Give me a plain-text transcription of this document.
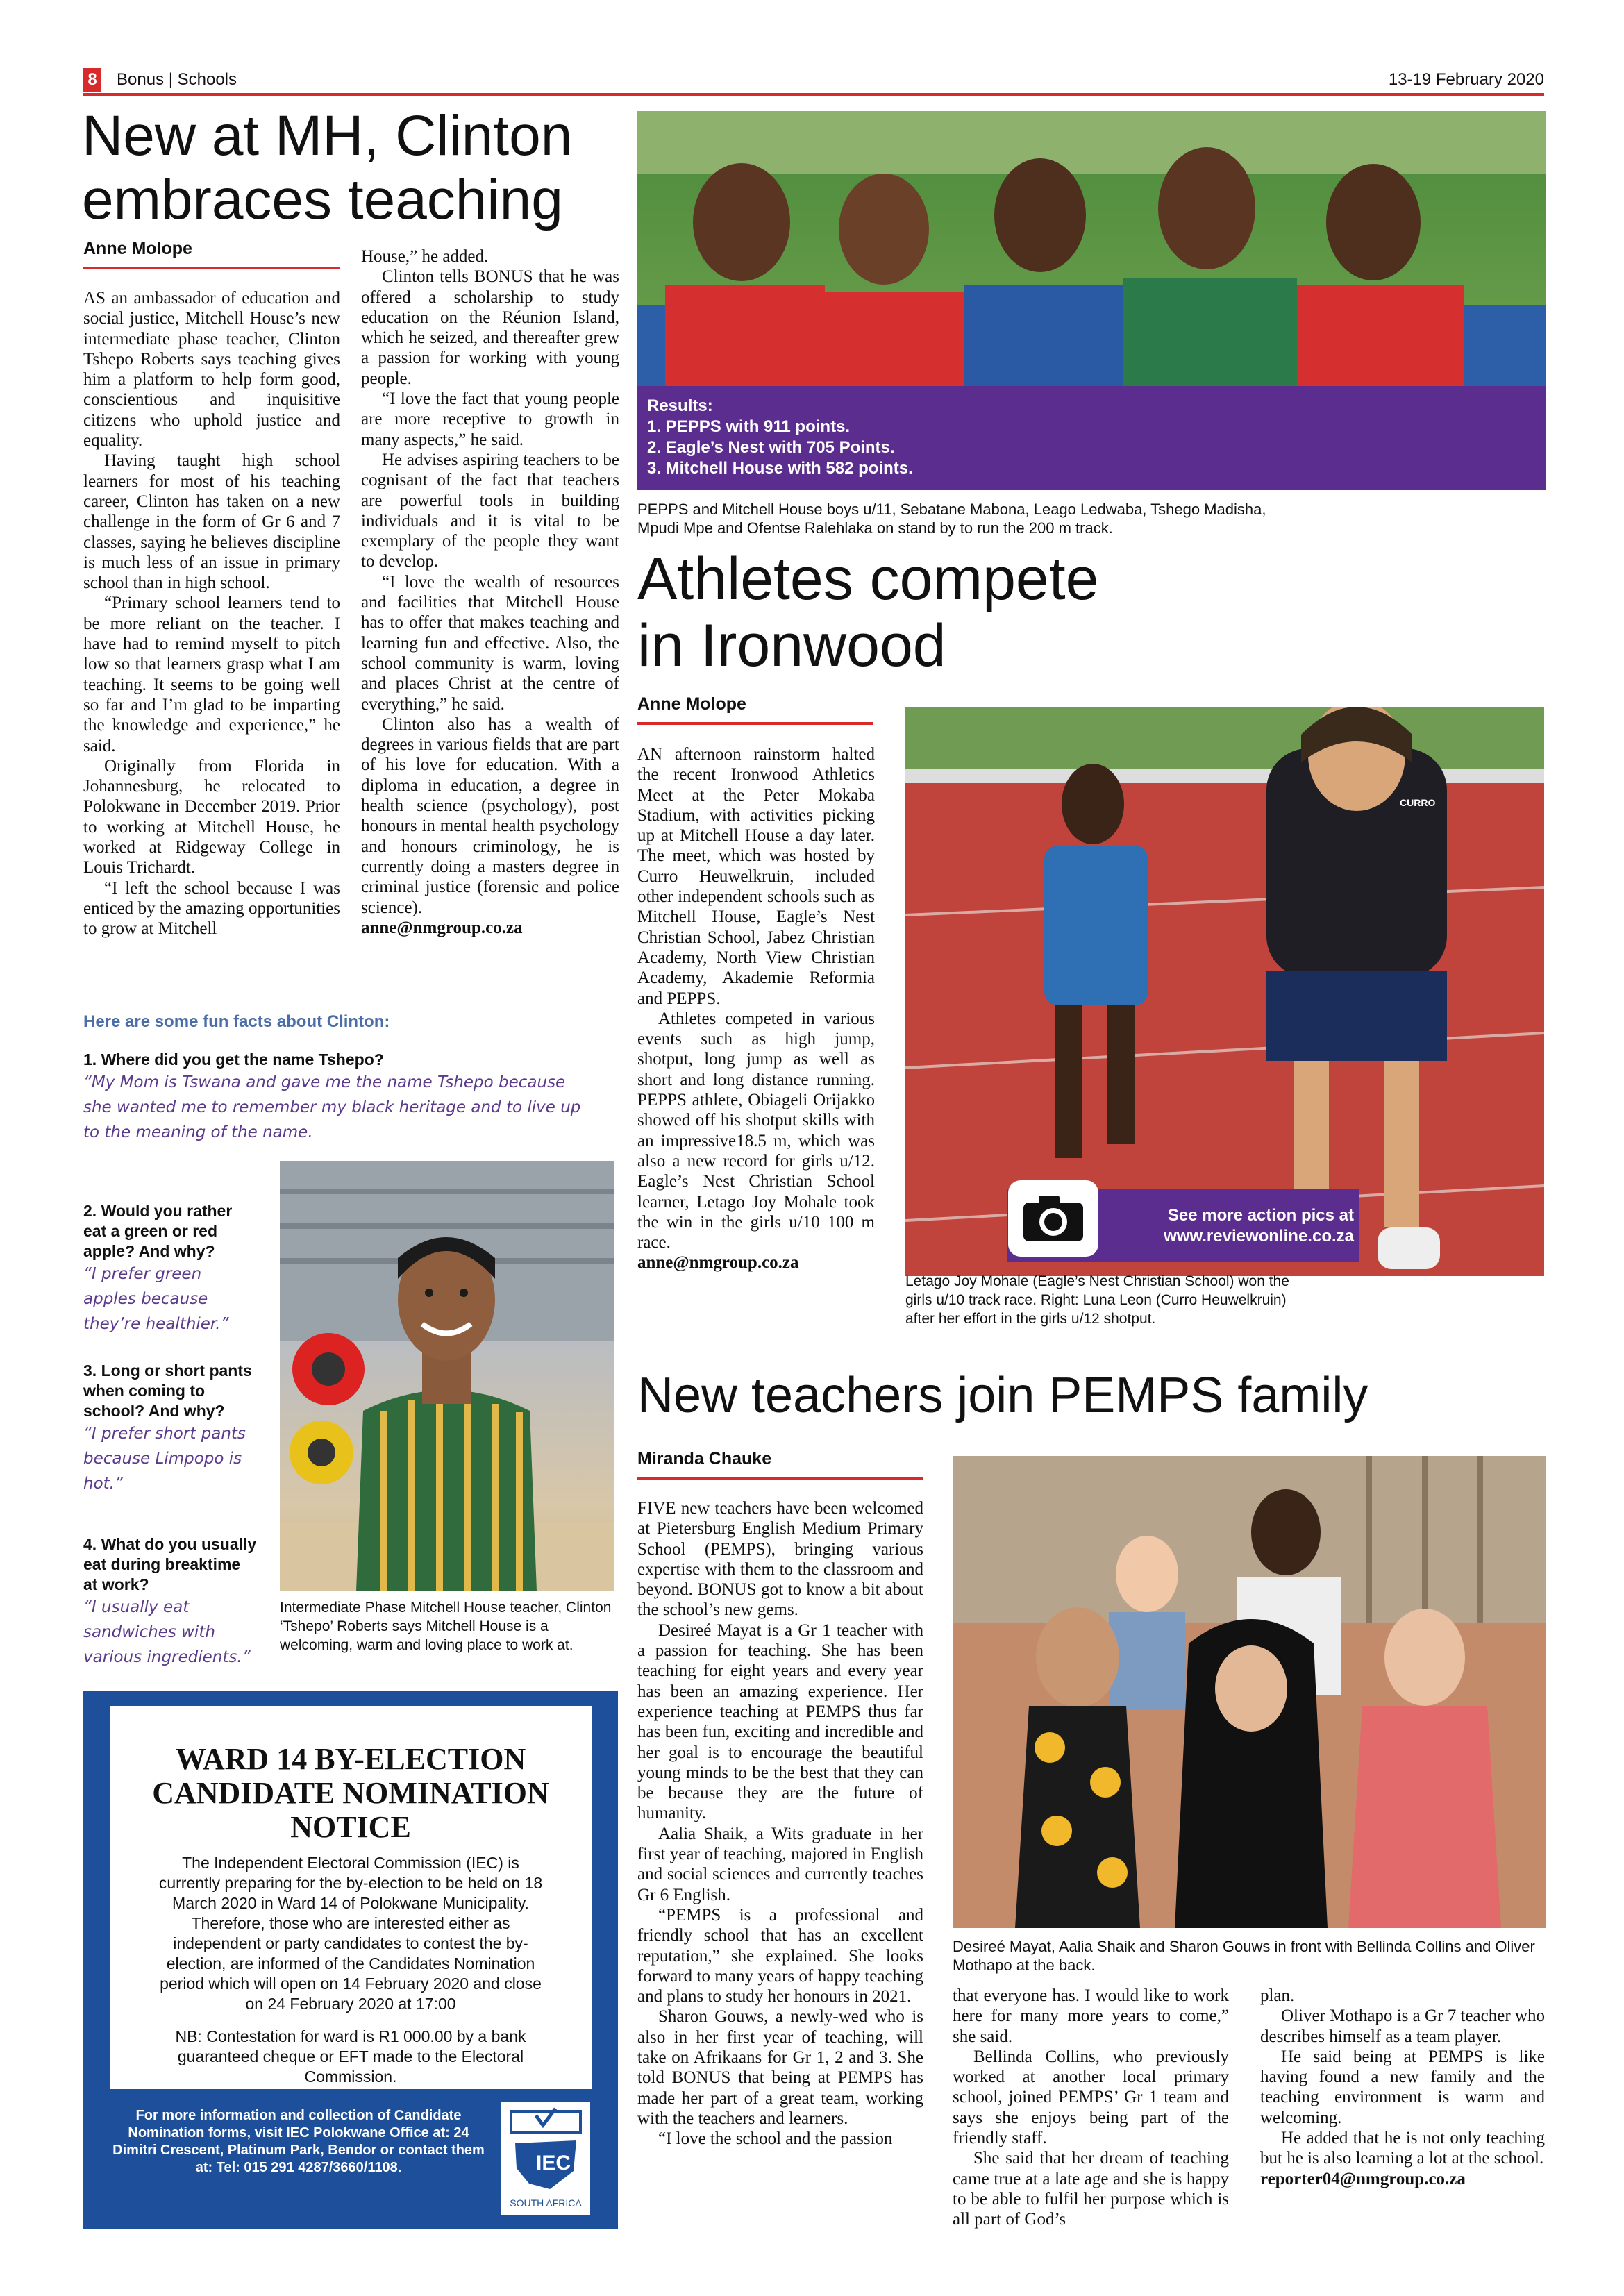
8 Bonus | Schools	13-19 February 2020
New at MH, Clinton
embraces teaching
Anne Molope

AS an ambassador of education and social justice, Mitchell House’s new intermediate phase teacher, Clinton Tshepo Roberts says teaching gives him a platform to help form good, conscientious and inquisitive citizens who uphold justice and equality.

Having taught high school learners for most of his teaching career, Clinton has taken on a new challenge in the form of Gr 6 and 7 classes, saying he believes discipline is much less of an issue in primary school than in high school.

“Primary school learners tend to be more reliant on the teacher. I have had to remind myself to pitch low so that learners grasp what I am teaching. It seems to be going well so far and I’m glad to be imparting the knowledge and experience,” he said.

Originally from Florida in Johannesburg, he relocated to Polokwane in December 2019. Prior to working at Mitchell House, he worked at Ridgeway College in Louis Trichardt.

“I left the school because I was enticed by the amazing opportunities to grow at Mitchell

House,” he added.

Clinton tells BONUS that he was offered a scholarship to study education on the Réunion Island, which he seized, and thereafter grew a passion for working with young people.

“I love the fact that young people are more receptive to growth in many aspects,” he said.

He advises aspiring teachers to be cognisant of the fact that teachers are powerful tools in building individuals and it is vital to be exemplary of the people they want to develop.

“I love the wealth of resources and facilities that Mitchell House has to offer that makes teaching and learning fun and effective. Also, the school community is warm, loving and places Christ at the centre of everything,” he said.

Clinton also has a wealth of degrees in various fields that are part of his love for education. With a diploma in education, a degree in health science (psychology), post honours in mental health psychology and honours criminology, he is currently doing a masters degree in criminal justice (forensic and police science).

anne@nmgroup.co.za

Here are some fun facts about Clinton:

1. Where did you get the name Tshepo?

“My Mom is Tswana and gave me the name Tshepo because she wanted me to remember my black heritage and to live up to the meaning of the name.

2. Would you rather eat a green or red apple? And why?

“I prefer green apples because they’re healthier.”

3. Long or short pants when coming to school? And why?

“I prefer short pants because Limpopo is hot.”

4. What do you usually eat during breaktime at work?

“I usually eat sandwiches with various ingredients.”

Intermediate Phase Mitchell House teacher, Clinton ‘Tshepo’ Roberts says Mitchell House is a welcoming, warm and loving place to work at.
WARD 14 BY-ELECTION
CANDIDATE NOMINATION
NOTICE
The Independent Electoral Commission (IEC) is currently preparing for the by-election to be held on 18 March 2020 in Ward 14 of Polokwane Municipality. Therefore, those who are interested either as independent or party candidates to contest the by-election, are informed of the Candidates Nomination period which will open on 14 February 2020 and close on 24 February 2020 at 17:00
NB: Contestation for ward is R1 000.00 by a bank guaranteed cheque or EFT made to the Electoral Commission.
For more information and collection of Candidate Nomination forms, visit IEC Polokwane Office at: 24 Dimitri Crescent, Platinum Park, Bendor or contact them at: Tel: 015 291 4287/3660/1108.	IEC
SOUTH AFRICA
Results:
1. PEPPS with 911 points.
2. Eagle’s Nest with 705 Points.
3. Mitchell House with 582 points.
PEPPS and Mitchell House boys u/11, Sebatane Mabona, Leago Ledwaba, Tshego Madisha, Mpudi Mpe and Ofentse Ralehlaka on stand by to run the 200 m track.
Athletes compete
in Ironwood
Anne Molope

AN afternoon rainstorm halted the recent Ironwood Athletics Meet at the Peter Mokaba Stadium, with activities picking up at Mitchell House a day later. The meet, which was hosted by Curro Heuwelkruin, included other independent schools such as Mitchell House, Eagle’s Nest Christian School, Jabez Christian Academy, North View Christian Academy, Akademie Reformia and PEPPS.

Athletes competed in various events such as high jump, shotput, long jump as well as short and long distance running. PEPPS athlete, Obiageli Orijakko showed off his shotput skills with an impressive18.5 m, which was also a new record for girls u/12. Eagle’s Nest Christian School learner, Letago Joy Mohale took the win in the girls u/10 100 m race.

anne@nmgroup.co.za

CURRO
See more action pics at
www.reviewonline.co.za
Letago Joy Mohale (Eagle’s Nest Christian School) won the girls u/10 track race. Right: Luna Leon (Curro Heuwelkruin) after her effort in the girls u/12 shotput.
New teachers join PEMPS family
Miranda Chauke

FIVE new teachers have been welcomed at Pietersburg English Medium Primary School (PEMPS), bringing various expertise with them to the classroom and beyond. BONUS got to know a bit about the school’s new gems.

Desireé Mayat is a Gr 1 teacher with a passion for teaching. She has been teaching for eight years and every year has been an amazing experience. Her experience teaching at PEMPS thus far has been fun, exciting and incredible and her goal is to encourage the beautiful young minds to be the best that they can be because they are the future of humanity.

Aalia Shaik, a Wits graduate in her first year of teaching, majored in English and social sciences and currently teaches Gr 6 English.

“PEMPS is a professional and friendly school that has an excellent reputation,” she explained. She looks forward to many years of happy teaching and plans to study her honours in 2021.

Sharon Gouws, a newly-wed who is also in her first year of teaching, will take on Afrikaans for Gr 1, 2 and 3. She told BONUS that being at PEMPS has made her part of a great team, working with the teachers and learners.

“I love the school and the passion

Desireé Mayat, Aalia Shaik and Sharon Gouws in front with Bellinda Collins and Oliver Mothapo at the back.

that everyone has. I would like to work here for many more years to come,” she said.

Bellinda Collins, who previously worked at another local primary school, joined PEMPS’ Gr 1 team and says she enjoys being part of the friendly staff.

She said that her dream of teaching came true at a late age and she is happy to be able to fulfil her purpose which is all part of God’s

plan.

Oliver Mothapo is a Gr 7 teacher who describes himself as a team player.

He said being at PEMPS is like having found a new family and the teaching environment is warm and welcoming.

He added that he is not only teaching but he is also learning a lot at the school.

reporter04@nmgroup.co.za
